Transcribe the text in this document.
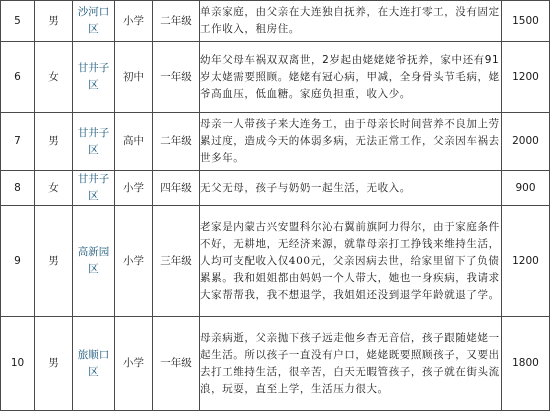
5	男	沙河口区	小学	二年级	单亲家庭，由父亲在大连独自抚养，在大连打零工，没有固定工作收入，租房住。	1500
6	女	甘井子区	初中	一年级	幼年父母车祸双双离世，2岁起由姥姥姥爷抚养，家中还有91岁太姥需要照顾。姥姥有冠心病，甲减，全身骨头节毛病，姥爷高血压，低血糖。家庭负担重，收入少。	1200
7	男	甘井子区	高中	二年级	母亲一人带孩子来大连务工，由于母亲长时间营养不良加上劳累过度，造成今天的体弱多病，无法正常工作，父亲因车祸去世多年。	2000
8	女	甘井子区	小学	四年级	无父无母，孩子与奶奶一起生活，无收入。	900
9	男	高新园区	小学	三年级	老家是内蒙古兴安盟科尔沁右翼前旗阿力得尔，由于家庭条件不好，无耕地，无经济来源，就靠母亲打工挣钱来维持生活，人均可支配收入仅400元，父亲因病去世，给家里留下了负债累累。我和姐姐都由妈妈一个人带大，她也一身疾病，我请求大家帮帮我，我不想退学，我姐姐还没到退学年龄就退了学。	1200
10	男	旅顺口区	小学	一年级	母亲病逝，父亲抛下孩子远走他乡杳无音信，孩子跟随姥姥一起生活。所以孩子一直没有户口，姥姥既要照顾孩子，又要出去打工维持生活，很辛苦，白天无暇管孩子，孩子就在街头流浪，玩耍，直至上学，生活压力很大。	1800
